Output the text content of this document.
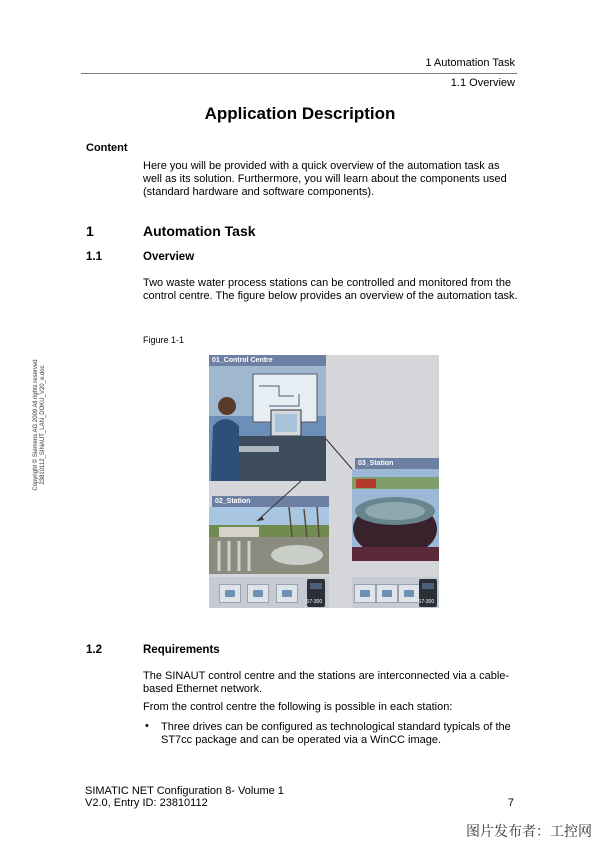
1 Automation Task
1.1 Overview
Application Description
Content
Here you will be provided with a quick overview of the automation task as well as its solution. Furthermore, you will learn about the components used (standard hardware and software components).
1	Automation Task
1.1	Overview
Two waste water process stations can be controlled and monitored from the control centre. The figure below provides an overview of the automation task.
Copyright © Siemens AG 2009 All rights reserved 23810112_SINAUT_LAN_DOKU_V20_e.doc
Figure 1-1
01_Control Centre
03_Station
02_Station
S7-300	S7-300
1.2	Requirements
The SINAUT control centre and the stations are interconnected via a cable-based Ethernet network.
From the control centre the following is possible in each station:
• Three drives can be configured as technological standard typicals of the ST7cc package and can be operated via a WinCC image.
SIMATIC NET Configuration 8- Volume 1
V2.0, Entry ID: 23810112	7
图片发布者：工控网
